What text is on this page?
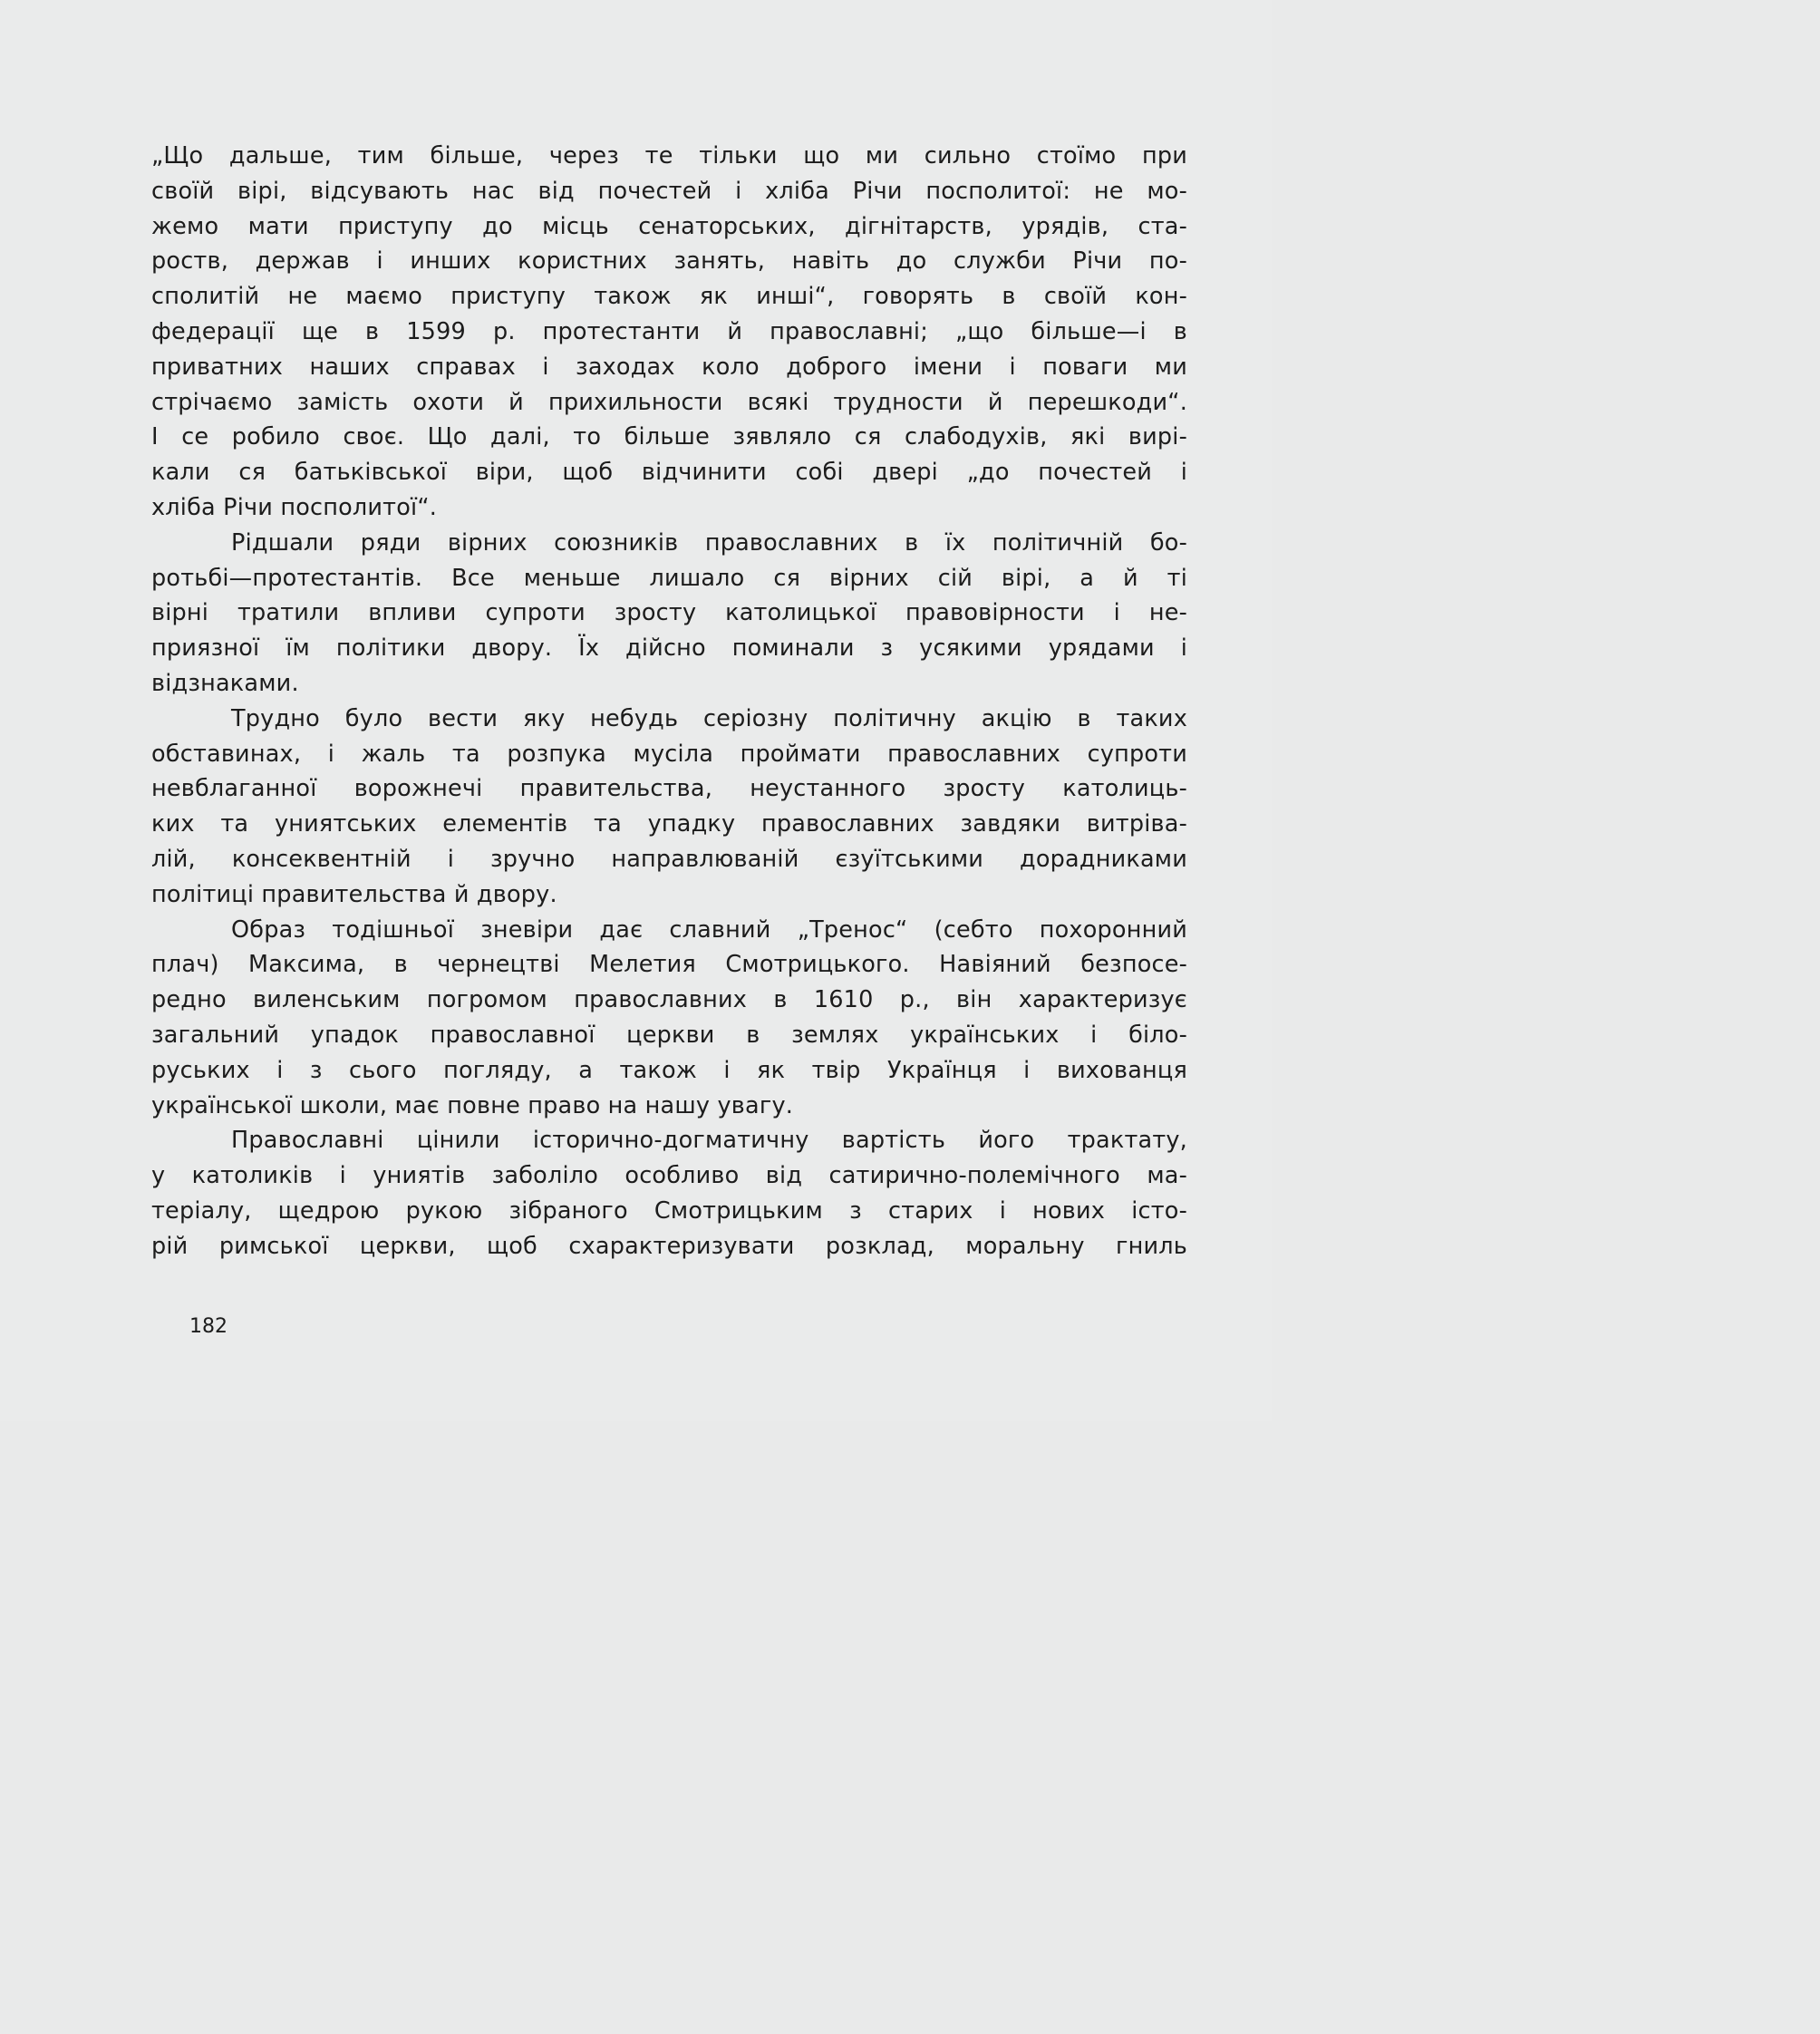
„Що дальше, тим більше, через те тільки що ми сильно стоїмо при
своїй вірі, відсувають нас від почестей і хліба Річи посполитої: не мо-
жемо мати приступу до місць сенаторських, дігнітарств, урядів, ста-
роств, держав і инших користних занять, навіть до служби Річи по-
сполитій не маємо приступу також як инші“, говорять в своїй кон-
федерації ще в 1599 р. протестанти й православні; „що більше—і в
приватних наших справах і заходах коло доброго імени і поваги ми
стрічаємо замість охоти й прихильности всякі трудности й перешкоди“.
І се робило своє. Що далі, то більше зявляло ся слабодухів, які вирі-
кали ся батьківської віри, щоб відчинити собі двері „до почестей і
хліба Річи посполитої“.

Рідшали ряди вірних союзників православних в їх політичній бо-
ротьбі—протестантів. Все меньше лишало ся вірних сій вірі, а й ті
вірні тратили впливи супроти зросту католицької правовірности і не-
приязної їм політики двору. Їх дійсно поминали з усякими урядами і
відзнаками.

Трудно було вести яку небудь серіозну політичну акцію в таких
обставинах, і жаль та розпука мусіла проймати православних супроти
невблаганної ворожнечі правительства, неустанного зросту католиць-
ких та униятських елементів та упадку православних завдяки витріва-
лій, консеквентній і зручно направлюваній єзуїтськими дорадниками
політиці правительства й двору.

Образ тодішньої зневіри дає славний „Тренос“ (себто похоронний
плач) Максима, в чернецтві Мелетия Смотрицького. Навіяний безпосе-
редно виленським погромом православних в 1610 р., він характеризує
загальний упадок православної церкви в землях українських і біло-
руських і з сього погляду, а також і як твір Українця і вихованця
української школи, має повне право на нашу увагу.

Православні цінили історично-догматичну вартість його трактату,
у католиків і униятів заболіло особливо від сатирично-полемічного ма-
теріалу, щедрою рукою зібраного Смотрицьким з старих і нових істо-
рій римської церкви, щоб схарактеризувати розклад, моральну гниль

182
